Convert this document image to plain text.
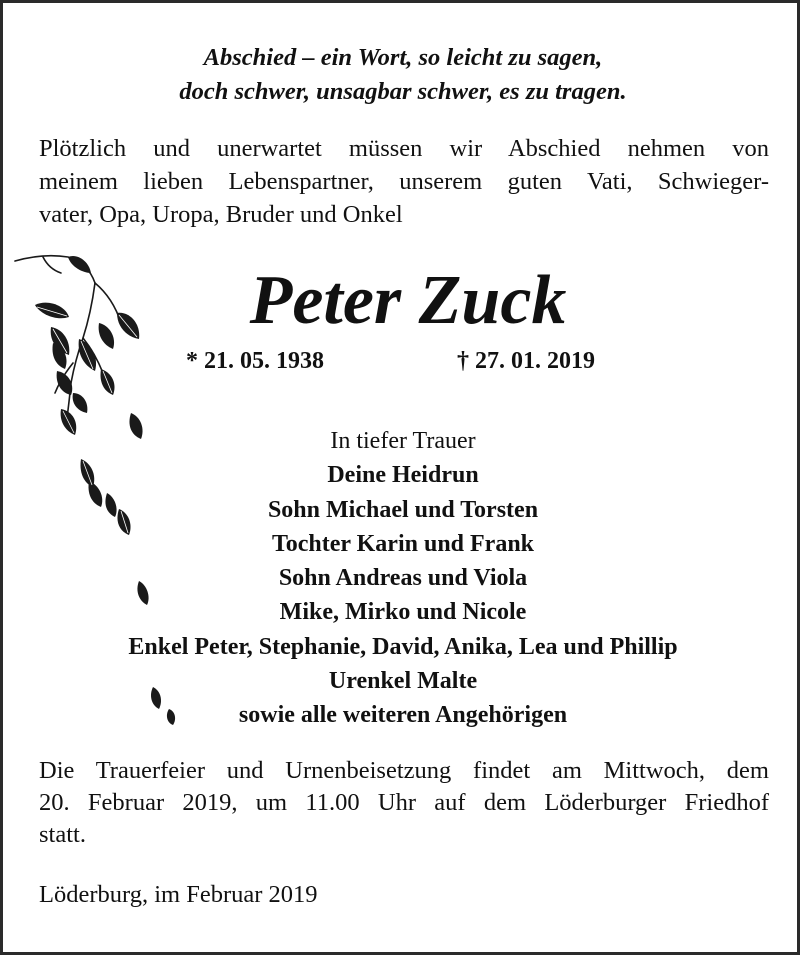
Abschied – ein Wort, so leicht zu sagen,
doch schwer, unsagbar schwer, es zu tragen.
Plötzlich und unerwartet müssen wir Abschied nehmen von
meinem lieben Lebenspartner, unserem guten Vati, Schwieger-
vater, Opa, Uropa, Bruder und Onkel
Peter Zuck
* 21. 05. 1938	† 27. 01. 2019
In tiefer Trauer
Deine Heidrun
Sohn Michael und Torsten
Tochter Karin und Frank
Sohn Andreas und Viola
Mike, Mirko und Nicole
Enkel Peter, Stephanie, David, Anika, Lea und Phillip
Urenkel Malte
sowie alle weiteren Angehörigen
Die Trauerfeier und Urnenbeisetzung findet am Mittwoch, dem
20. Februar 2019, um 11.00 Uhr auf dem Löderburger Friedhof
statt.
Löderburg, im Februar 2019
